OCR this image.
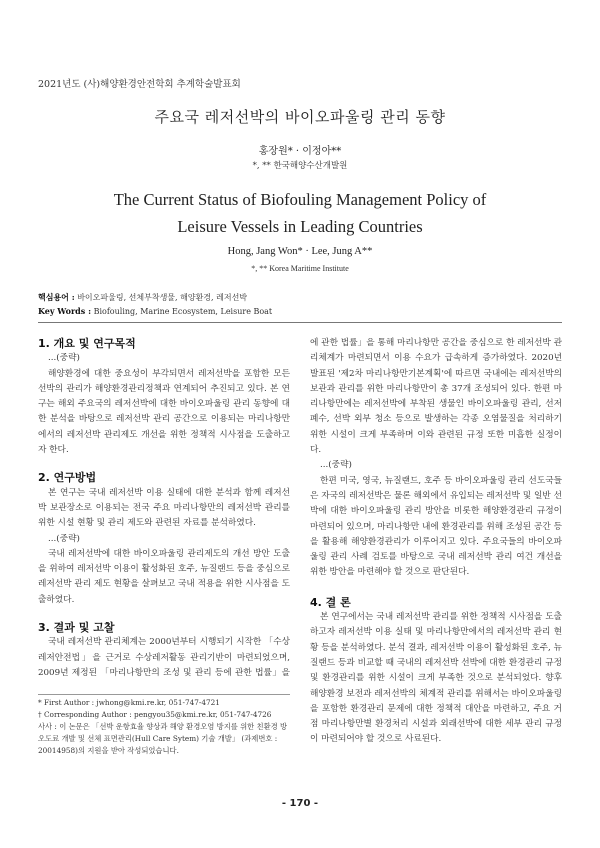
2021년도 (사)해양환경안전학회 추계학술발표회
주요국 레저선박의 바이오파울링 관리 동향
홍장원* · 이정아**
*, ** 한국해양수산개발원
The Current Status of Biofouling Management Policy of
Leisure Vessels in Leading Countries
Hong, Jang Won* · Lee, Jung A**
*, ** Korea Maritime Institute
핵심용어 : 바이오파울링, 선체부착생물, 해양환경, 레저선박
Key Words : Biofouling, Marine Ecosystem, Leisure Boat
1. 개요 및 연구목적

...(중략)

해양환경에 대한 중요성이 부각되면서 레저선박을 포함한 모든 선박의 관리가 해양환경관리정책과 연계되어 추진되고 있다. 본 연구는 해외 주요국의 레저선박에 대한 바이오파울링 관리 동향에 대한 분석을 바탕으로 레저선박 관리 공간으로 이용되는 마리나항만에서의 레저선박 관리제도 개선을 위한 정책적 시사점을 도출하고자 한다.

2. 연구방법

본 연구는 국내 레저선박 이용 실태에 대한 분석과 함께 레저선박 보관장소로 이용되는 전국 주요 마리나항만의 레저선박 관리를 위한 시설 현황 및 관리 제도와 관련된 자료를 분석하였다.

...(중략)

국내 레저선박에 대한 바이오파울링 관리제도의 개선 방안 도출을 위하여 레저선박 이용이 활성화된 호주, 뉴질랜드 등을 중심으로 레저선박 관리 제도 현황을 살펴보고 국내 적용을 위한 시사점을 도출하였다.

3. 결과 및 고찰

국내 레저선박 관리체계는 2000년부터 시행되기 시작한 「수상레저안전법」을 근거로 수상레저활동 관리기반이 마련되었으며, 2009년 제정된 「마리나항만의 조성 및 관리 등에 관한 법률」을

* First Author : jwhong@kmi.re.kr, 051-747-4721
† Corresponding Author : pengyou35@kmi.re.kr, 051-747-4726
사사 : 이 논문은 「선박 운항효율 향상과 해양 환경오염 방지를 위한 친환경 방오도료 개발 및 선체 표면관리(Hull Care Sytem) 기술 개발」 (과제번호 : 20014958)의 지원을 받아 작성되었습니다.

에 관한 법률」을 통해 마리나항만 공간을 중심으로 한 레저선박 관리체계가 마련되면서 이용 수요가 급속하게 증가하였다. 2020년 발표된 '제2차 마리나항만기본계획'에 따르면 국내에는 레저선박의 보관과 관리를 위한 마리나항만이 총 37개 조성되어 있다. 한편 마리나항만에는 레저선박에 부착된 생물인 바이오파울링 관리, 선저 폐수, 선박 외부 청소 등으로 발생하는 각종 오염물질을 처리하기 위한 시설이 크게 부족하며 이와 관련된 규정 또한 미흡한 실정이다.

...(중략)

한편 미국, 영국, 뉴질랜드, 호주 등 바이오파울링 관리 선도국들은 자국의 레저선박은 물론 해외에서 유입되는 레저선박 및 일반 선박에 대한 바이오파울링 관리 방안을 비롯한 해양환경관리 규정이 마련되어 있으며, 마리나항만 내에 환경관리를 위해 조성된 공간 등을 활용해 해양환경관리가 이루어지고 있다. 주요국들의 바이오파울링 관리 사례 검토를 바탕으로 국내 레저선박 관리 여건 개선을 위한 방안을 마련해야 할 것으로 판단된다.

4. 결 론

본 연구에서는 국내 레저선박 관리를 위한 정책적 시사점을 도출하고자 레저선박 이용 실태 및 마리나항만에서의 레저선박 관리 현황 등을 분석하였다. 분석 결과, 레저선박 이용이 활성화된 호주, 뉴질랜드 등과 비교할 때 국내의 레저선박 선박에 대한 환경관리 규정 및 환경관리를 위한 시설이 크게 부족한 것으로 분석되었다. 향후 해양환경 보전과 레저선박의 체계적 관리를 위해서는 바이오파울링을 포함한 환경관리 문제에 대한 정책적 대안을 마련하고, 주요 거점 마리나항만별 환경처리 시설과 외래선박에 대한 세부 관리 규정이 마련되어야 할 것으로 사료된다.

- 170 -
